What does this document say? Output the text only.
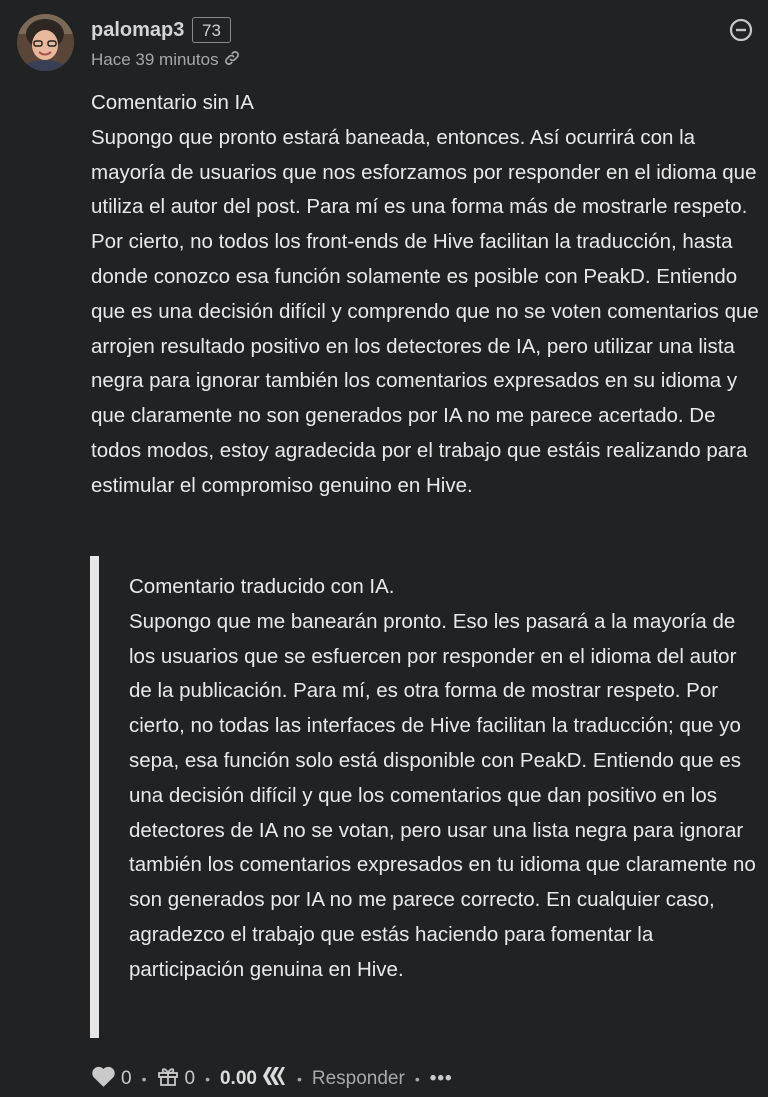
palomap3	73
Hace 39 minutos

Comentario sin IA

Supongo que pronto estará baneada, entonces. Así ocurrirá con la mayoría de usuarios que nos esforzamos por responder en el idioma que utiliza el autor del post. Para mí es una forma más de mostrarle respeto. Por cierto, no todos los front-ends de Hive facilitan la traducción, hasta donde conozco esa función solamente es posible con PeakD. Entiendo que es una decisión difícil y comprendo que no se voten comentarios que arrojen resultado positivo en los detectores de IA, pero utilizar una lista negra para ignorar también los comentarios expresados en su idioma y que claramente no son generados por IA no me parece acertado. De todos modos, estoy agradecida por el trabajo que estáis realizando para estimular el compromiso genuino en Hive.

Comentario traducido con IA.

Supongo que me banearán pronto. Eso les pasará a la mayoría de los usuarios que se esfuercen por responder en el idioma del autor de la publicación. Para mí, es otra forma de mostrar respeto. Por cierto, no todas las interfaces de Hive facilitan la traducción; que yo sepa, esa función solo está disponible con PeakD. Entiendo que es una decisión difícil y que los comentarios que dan positivo en los detectores de IA no se votan, pero usar una lista negra para ignorar también los comentarios expresados en tu idioma que claramente no son generados por IA no me parece correcto. En cualquier caso, agradezco el trabajo que estás haciendo para fomentar la participación genuina en Hive.

0 • 0 • 0.00	• Responder • •••
